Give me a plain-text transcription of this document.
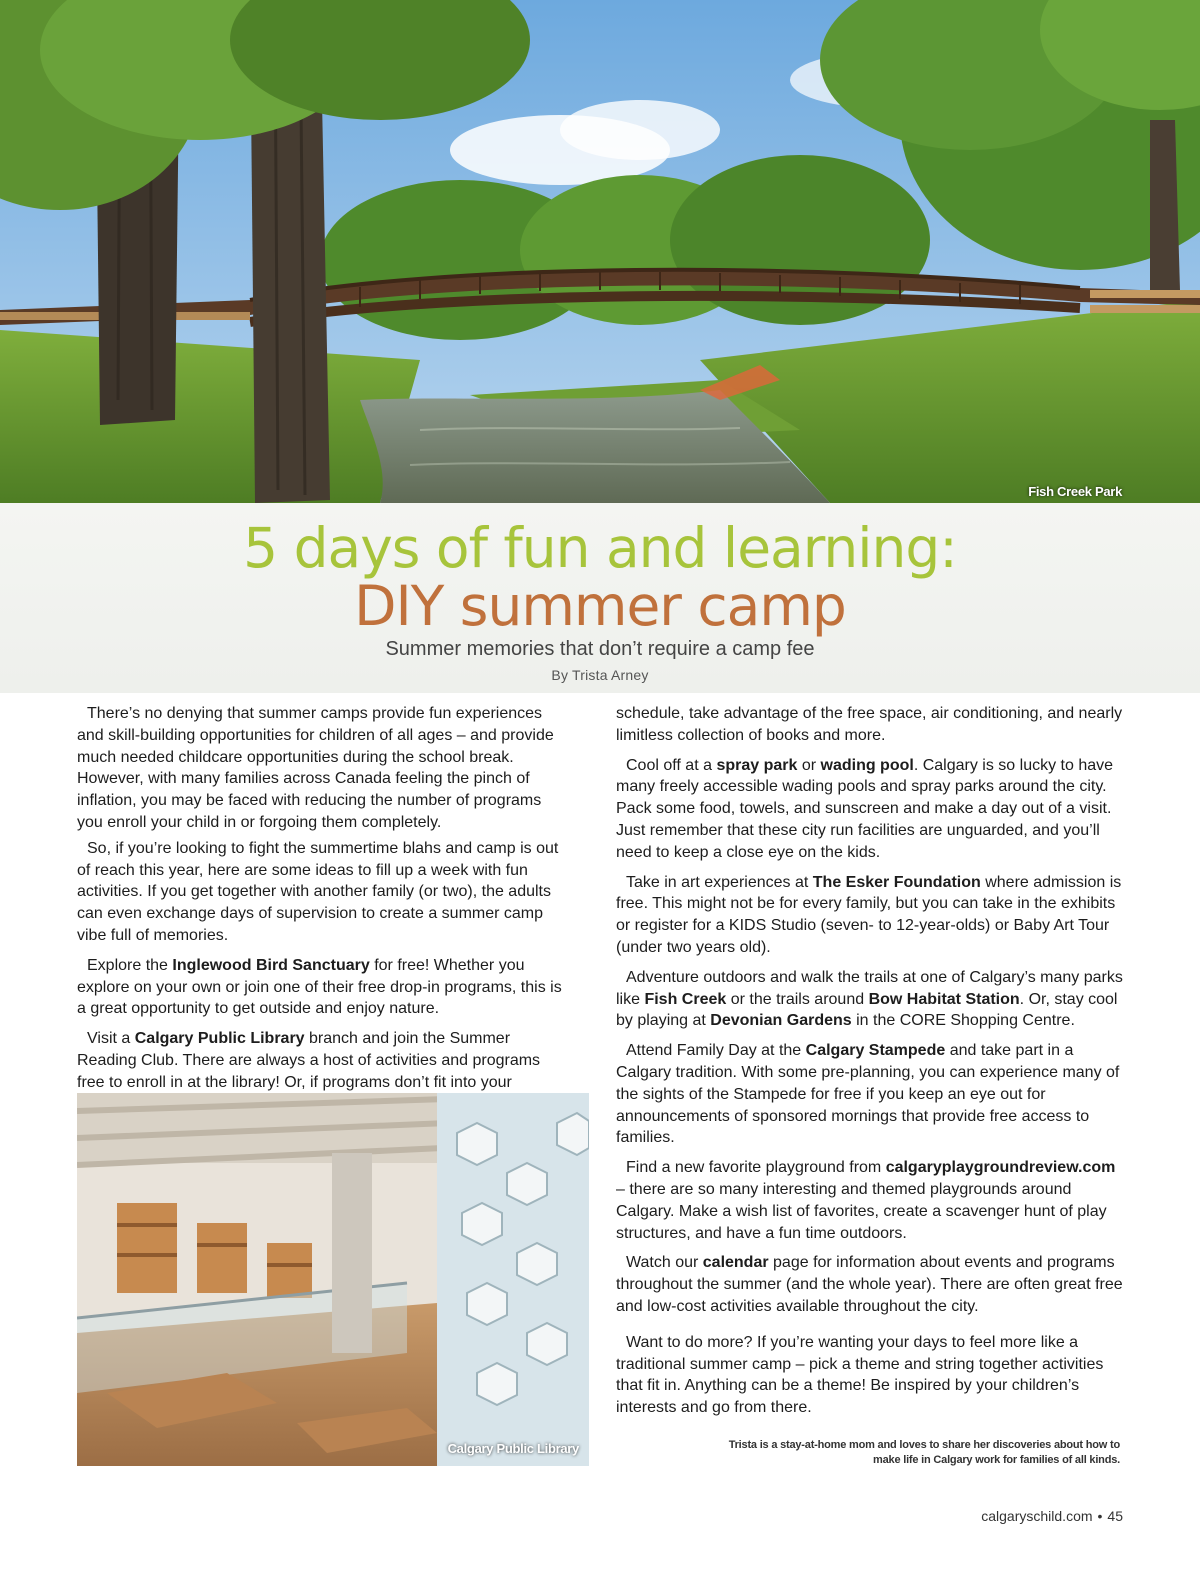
Fish Creek Park
5 days of fun and learning:
DIY summer camp
Summer memories that don’t require a camp fee
By Trista Arney

There’s no denying that summer camps provide fun experiences and skill-building opportunities for children of all ages – and provide much needed childcare opportunities during the school break. However, with many families across Canada feeling the pinch of inflation, you may be faced with reducing the number of programs you enroll your child in or forgoing them completely.

So, if you’re looking to fight the summertime blahs and camp is out of reach this year, here are some ideas to fill up a week with fun activities. If you get together with another family (or two), the adults can even exchange days of supervision to create a summer camp vibe full of memories.

Explore the Inglewood Bird Sanctuary for free! Whether you explore on your own or join one of their free drop-in programs, this is a great opportunity to get outside and enjoy nature.

Visit a Calgary Public Library branch and join the Summer Reading Club. There are always a host of activities and programs free to enroll in at the library! Or, if programs don’t fit into your

Calgary Public Library

schedule, take advantage of the free space, air conditioning, and nearly limitless collection of books and more.

Cool off at a spray park or wading pool. Calgary is so lucky to have many freely accessible wading pools and spray parks around the city. Pack some food, towels, and sunscreen and make a day out of a visit. Just remember that these city run facilities are unguarded, and you’ll need to keep a close eye on the kids.

Take in art experiences at The Esker Foundation where admission is free. This might not be for every family, but you can take in the exhibits or register for a KIDS Studio (seven- to 12-year-olds) or Baby Art Tour (under two years old).

Adventure outdoors and walk the trails at one of Calgary’s many parks like Fish Creek or the trails around Bow Habitat Station. Or, stay cool by playing at Devonian Gardens in the CORE Shopping Centre.

Attend Family Day at the Calgary Stampede and take part in a Calgary tradition. With some pre-planning, you can experience many of the sights of the Stampede for free if you keep an eye out for announcements of sponsored mornings that provide free access to families.

Find a new favorite playground from calgaryplaygroundreview.com – there are so many interesting and themed playgrounds around Calgary. Make a wish list of favorites, create a scavenger hunt of play structures, and have a fun time outdoors.

Watch our calendar page for information about events and programs throughout the summer (and the whole year). There are often great free and low-cost activities available throughout the city.

Want to do more? If you’re wanting your days to feel more like a traditional summer camp – pick a theme and string together activities that fit in. Anything can be a theme! Be inspired by your children’s interests and go from there.

Trista is a stay-at-home mom and loves to share her discoveries about how to
make life in Calgary work for families of all kinds.
calgaryschild.com • 45
